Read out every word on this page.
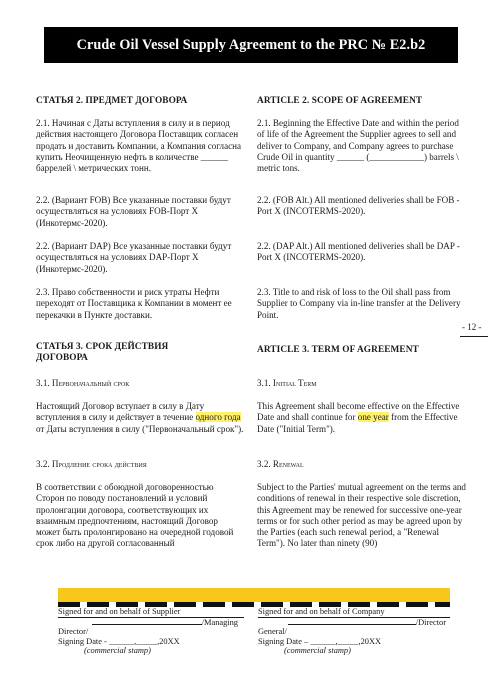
Crude Oil Vessel Supply Agreement to the PRC № E2.b2

СТАТЬЯ 2. ПРЕДМЕТ ДОГОВОРА

2.1. Начиная с Даты вступления в силу и в период действия настоящего Договора Поставщик согласен продать и доставить Компании, а Компания согласна купить Неочищенную нефть в количестве ______ баррелей \ метрических тонн.

2.2. (Вариант FOB) Все указанные поставки будут осуществляться на условиях FOB-Порт Х (Инкотермс-2020).

2.2. (Вариант DAP) Все указанные поставки будут осуществляться на условиях DAP-Порт Х (Инкотермс-2020).

2.3. Право собственности и риск утраты Нефти переходят от Поставщика к Компании в момент ее перекачки в Пункте доставки.

СТАТЬЯ 3. СРОК ДЕЙСТВИЯ ДОГОВОРА

3.1. Первоначальный срок

Настоящий Договор вступает в силу в Дату вступления в силу и действует в течение одного года от Даты вступления в силу ("Первоначальный срок").

3.2. Продление срока действия

В соответствии с обоюдной договоренностью Сторон по поводу постановлений и условий пролонгации договора, соответствующих их взаимным предпочтениям, настоящий Договор может быть пролонгировано на очередной годовой срок либо на другой согласованный

ARTICLE 2. SCOPE OF AGREEMENT

2.1. Beginning the Effective Date and within the period of life of the Agreement the Supplier agrees to sell and deliver to Company, and Company agrees to purchase Crude Oil in quantity ______ (____________) barrels \ metric tons.

2.2. (FOB Alt.) All mentioned deliveries shall be FOB - Port X (INCOTERMS-2020).

2.2. (DAP Alt.) All mentioned deliveries shall be DAP - Port X (INCOTERMS-2020).

2.3. Title to and risk of loss to the Oil shall pass from Supplier to Company via in-line transfer at the Delivery Point.

ARTICLE 3. TERM OF AGREEMENT

3.1. Initial Term

This Agreement shall become effective on the Effective Date and shall continue for one year from the Effective Date ("Initial Term").

3.2. Renewal

Subject to the Parties' mutual agreement on the terms and conditions of renewal in their respective sole discretion, this Agreement may be renewed for successive one-year terms or for such other period as may be agreed upon by the Parties (each such renewal period, a "Renewal Term"). No later than ninety (90)

- 12 -

Signed for and on behalf of Supplier

/Managing

Director/

Signing Date - ______,_____,20XX

(commercial stamp)

Signed for and on behalf of Company

/Director

General/

Signing Date – ______,_____,20XX

(commercial stamp)
